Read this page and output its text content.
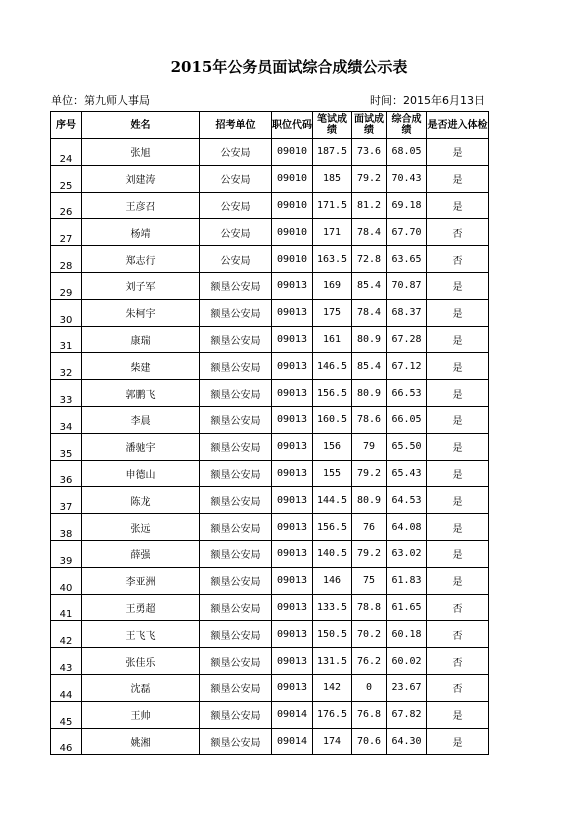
2015年公务员面试综合成绩公示表
单位：第九师人事局	时间：2015年6月13日
序号	姓名	招考单位	职位代码	笔试成绩	面试成绩	综合成绩	是否进入体检
24	张旭	公安局	09010	187.5	73.6	68.05	是
25	刘建涛	公安局	09010	185	79.2	70.43	是
26	王彦召	公安局	09010	171.5	81.2	69.18	是
27	杨靖	公安局	09010	171	78.4	67.70	否
28	郑志行	公安局	09010	163.5	72.8	63.65	否
29	刘子军	额垦公安局	09013	169	85.4	70.87	是
30	朱柯宇	额垦公安局	09013	175	78.4	68.37	是
31	康瑞	额垦公安局	09013	161	80.9	67.28	是
32	柴建	额垦公安局	09013	146.5	85.4	67.12	是
33	郭鹏飞	额垦公安局	09013	156.5	80.9	66.53	是
34	李晨	额垦公安局	09013	160.5	78.6	66.05	是
35	潘驰宇	额垦公安局	09013	156	79	65.50	是
36	申德山	额垦公安局	09013	155	79.2	65.43	是
37	陈龙	额垦公安局	09013	144.5	80.9	64.53	是
38	张远	额垦公安局	09013	156.5	76	64.08	是
39	薛强	额垦公安局	09013	140.5	79.2	63.02	是
40	李亚洲	额垦公安局	09013	146	75	61.83	是
41	王勇超	额垦公安局	09013	133.5	78.8	61.65	否
42	王飞飞	额垦公安局	09013	150.5	70.2	60.18	否
43	张佳乐	额垦公安局	09013	131.5	76.2	60.02	否
44	沈磊	额垦公安局	09013	142	0	23.67	否
45	王帅	额垦公安局	09014	176.5	76.8	67.82	是
46	姚湘	额垦公安局	09014	174	70.6	64.30	是
